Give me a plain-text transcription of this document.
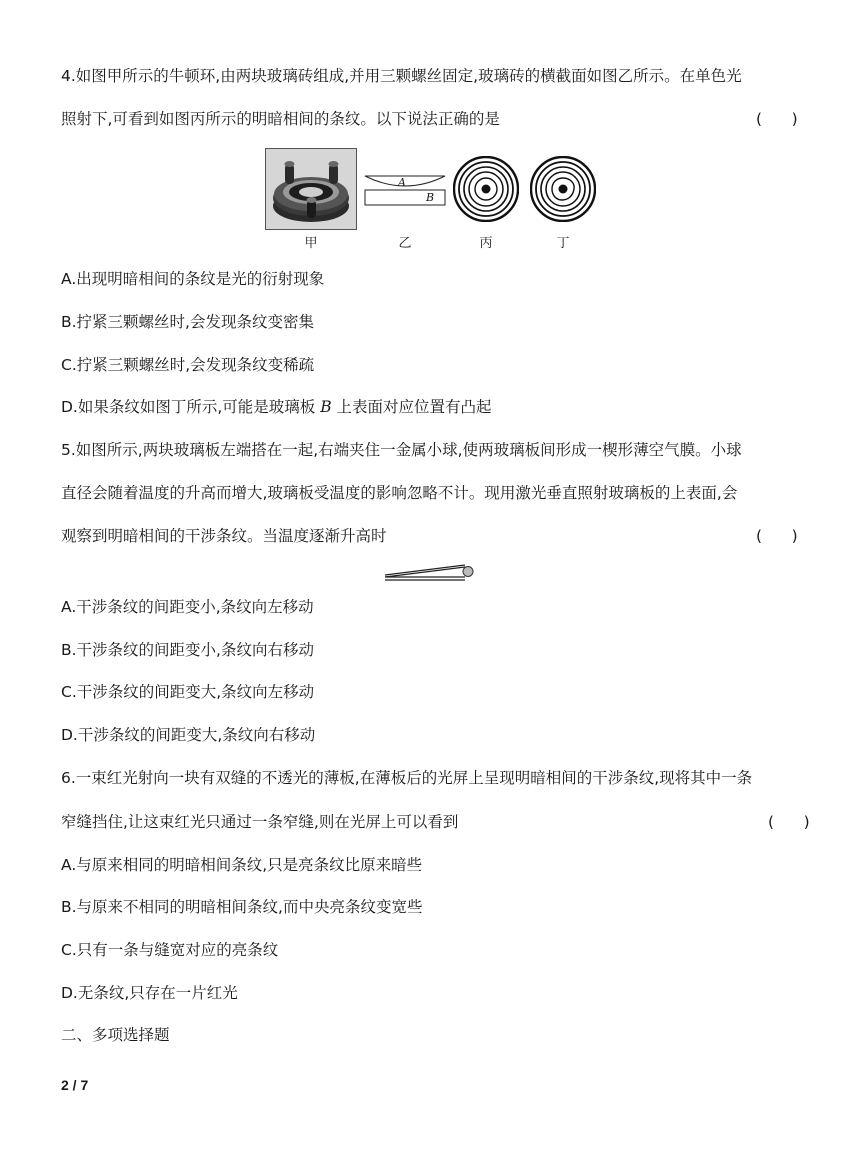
4.如图甲所示的牛顿环,由两块玻璃砖组成,并用三颗螺丝固定,玻璃砖的横截面如图乙所示。在单色光
照射下,可看到如图丙所示的明暗相间的条纹。以下说法正确的是	(      )
A
B
甲	乙	丙	丁
A.出现明暗相间的条纹是光的衍射现象
B.拧紧三颗螺丝时,会发现条纹变密集
C.拧紧三颗螺丝时,会发现条纹变稀疏
D.如果条纹如图丁所示,可能是玻璃板 B 上表面对应位置有凸起
5.如图所示,两块玻璃板左端搭在一起,右端夹住一金属小球,使两玻璃板间形成一楔形薄空气膜。小球
直径会随着温度的升高而增大,玻璃板受温度的影响忽略不计。现用激光垂直照射玻璃板的上表面,会
观察到明暗相间的干涉条纹。当温度逐渐升高时	(      )
A.干涉条纹的间距变小,条纹向左移动
B.干涉条纹的间距变小,条纹向右移动
C.干涉条纹的间距变大,条纹向左移动
D.干涉条纹的间距变大,条纹向右移动
6.一束红光射向一块有双缝的不透光的薄板,在薄板后的光屏上呈现明暗相间的干涉条纹,现将其中一条
窄缝挡住,让这束红光只通过一条窄缝,则在光屏上可以看到	(      )
A.与原来相同的明暗相间条纹,只是亮条纹比原来暗些
B.与原来不相同的明暗相间条纹,而中央亮条纹变宽些
C.只有一条与缝宽对应的亮条纹
D.无条纹,只存在一片红光
二、多项选择题
2 / 7
